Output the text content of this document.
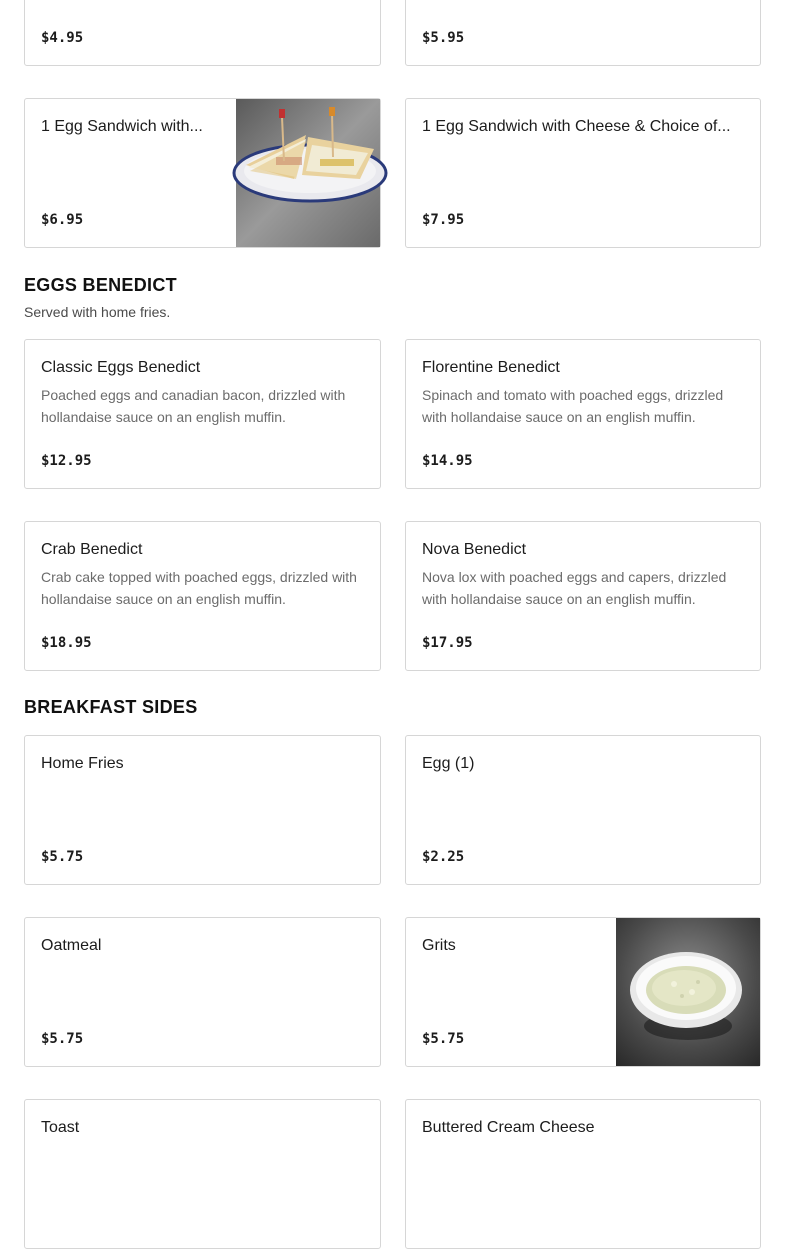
$4.95	$5.95
1 Egg Sandwich with...
$6.95
1 Egg Sandwich with Cheese & Choice of...
$7.95
EGGS BENEDICT
Served with home fries.
Classic Eggs Benedict
Poached eggs and canadian bacon, drizzled with hollandaise sauce on an english muffin.
$12.95
Florentine Benedict
Spinach and tomato with poached eggs, drizzled with hollandaise sauce on an english muffin.
$14.95
Crab Benedict
Crab cake topped with poached eggs, drizzled with hollandaise sauce on an english muffin.
$18.95
Nova Benedict
Nova lox with poached eggs and capers, drizzled with hollandaise sauce on an english muffin.
$17.95
BREAKFAST SIDES
Home Fries
$5.75
Egg (1)
$2.25
Oatmeal
$5.75
Grits
$5.75
Toast	Buttered Cream Cheese
